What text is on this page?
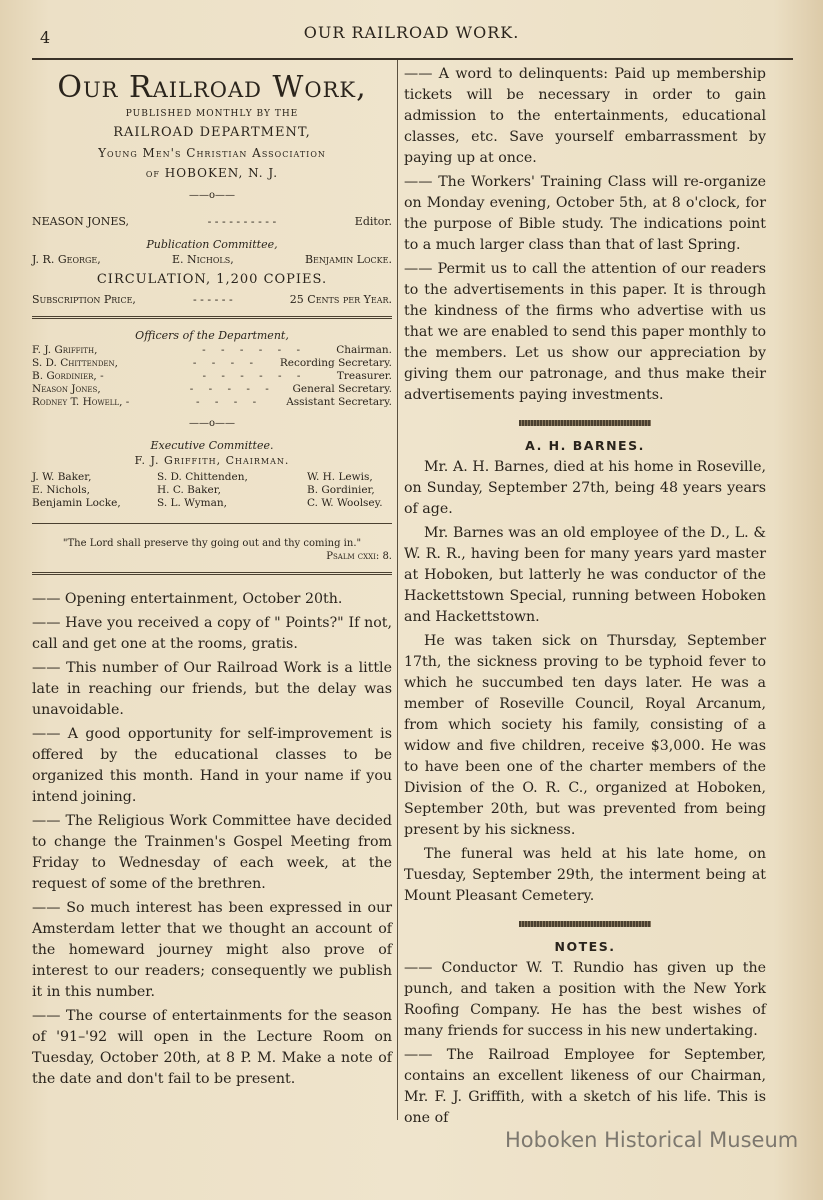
4	OUR RAILROAD WORK.
Our Railroad Work,
PUBLISHED MONTHLY BY THE
RAILROAD DEPARTMENT,
Young Men's Christian Association
of HOBOKEN, N. J.
——o——
NEASON JONES,	- - - - - - - - - -	Editor.
Publication Committee,
J. R. George,	E. Nichols,	Benjamin Locke.
CIRCULATION, 1,200 COPIES.
Subscription Price,	- - - - - -	25 Cents per Year.
Officers of the Department,
F. J. Griffith,	- - - - - -	Chairman.
S. D. Chittenden,	- - - -	Recording Secretary.
B. Gordinier, -	- - - - - -	Treasurer.
Neason Jones,	- - - - -	General Secretary.
Rodney T. Howell, -	- - - -	Assistant Secretary.
——o——
Executive Committee.
F. J. Griffith, Chairman.
J. W. Baker,	S. D. Chittenden,	W. H. Lewis,
E. Nichols,	H. C. Baker,	B. Gordinier,
Benjamin Locke,	S. L. Wyman,	C. W. Woolsey.
"The Lord shall preserve thy going out and thy coming in."
Psalm cxxi: 8.

—— Opening entertainment, October 20th.

—— Have you received a copy of " Points?" If not, call and get one at the rooms, gratis.

—— This number of Our Railroad Work is a little late in reaching our friends, but the delay was unavoidable.

—— A good opportunity for self-improvement is offered by the educational classes to be organized this month. Hand in your name if you intend joining.

—— The Religious Work Committee have decided to change the Trainmen's Gospel Meeting from Friday to Wednesday of each week, at the request of some of the brethren.

—— So much interest has been expressed in our Amsterdam letter that we thought an account of the homeward journey might also prove of interest to our readers; consequently we publish it in this number.

—— The course of entertainments for the season of '91–'92 will open in the Lecture Room on Tuesday, October 20th, at 8 P. M. Make a note of the date and don't fail to be present.

—— A word to delinquents: Paid up membership tickets will be necessary in order to gain admission to the entertainments, educational classes, etc. Save yourself embarrassment by paying up at once.

—— The Workers' Training Class will re-organize on Monday evening, October 5th, at 8 o'clock, for the purpose of Bible study. The indications point to a much larger class than that of last Spring.

—— Permit us to call the attention of our readers to the advertisements in this paper. It is through the kindness of the firms who advertise with us that we are enabled to send this paper monthly to the members. Let us show our appreciation by giving them our patronage, and thus make their advertisements paying investments.

A. H. BARNES.

Mr. A. H. Barnes, died at his home in Roseville, on Sunday, September 27th, being 48 years years of age.

Mr. Barnes was an old employee of the D., L. & W. R. R., having been for many years yard master at Hoboken, but latterly he was conductor of the Hackettstown Special, running between Hoboken and Hackettstown.

He was taken sick on Thursday, September 17th, the sickness proving to be typhoid fever to which he succumbed ten days later. He was a member of Roseville Council, Royal Arcanum, from which society his family, consisting of a widow and five children, receive $3,000. He was to have been one of the charter members of the Division of the O. R. C., organized at Hoboken, September 20th, but was prevented from being present by his sickness.

The funeral was held at his late home, on Tuesday, September 29th, the interment being at Mount Pleasant Cemetery.

NOTES.

—— Conductor W. T. Rundio has given up the punch, and taken a position with the New York Roofing Company. He has the best wishes of many friends for success in his new undertaking.

—— The Railroad Employee for September, contains an excellent likeness of our Chairman, Mr. F. J. Griffith, with a sketch of his life. This is one of

Hoboken Historical Museum
